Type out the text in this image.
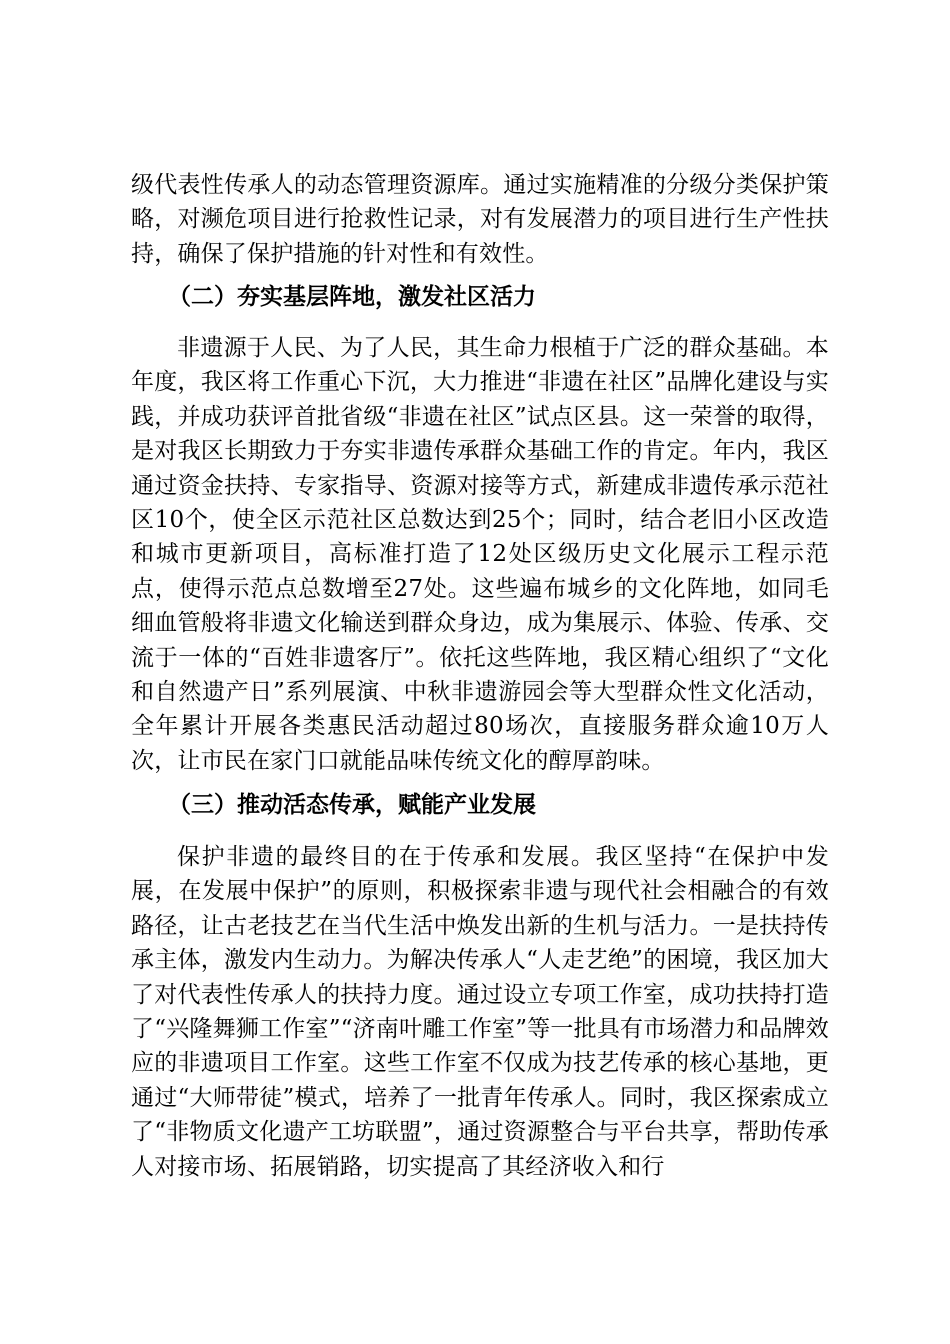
级代表性传承人的动态管理资源库。通过实施精准的分级分类保护策略，对濒危项目进行抢救性记录，对有发展潜力的项目进行生产性扶持，确保了保护措施的针对性和有效性。

（二）夯实基层阵地，激发社区活力

非遗源于人民、为了人民，其生命力根植于广泛的群众基础。本年度，我区将工作重心下沉，大力推进“非遗在社区”品牌化建设与实践，并成功获评首批省级“非遗在社区”试点区县。这一荣誉的取得，是对我区长期致力于夯实非遗传承群众基础工作的肯定。年内，我区通过资金扶持、专家指导、资源对接等方式，新建成非遗传承示范社区10个，使全区示范社区总数达到25个；同时，结合老旧小区改造和城市更新项目，高标准打造了12处区级历史文化展示工程示范点，使得示范点总数增至27处。这些遍布城乡的文化阵地，如同毛细血管般将非遗文化输送到群众身边，成为集展示、体验、传承、交流于一体的“百姓非遗客厅”。依托这些阵地，我区精心组织了“文化和自然遗产日”系列展演、中秋非遗游园会等大型群众性文化活动，全年累计开展各类惠民活动超过80场次，直接服务群众逾10万人次，让市民在家门口就能品味传统文化的醇厚韵味。

（三）推动活态传承，赋能产业发展

保护非遗的最终目的在于传承和发展。我区坚持“在保护中发展，在发展中保护”的原则，积极探索非遗与现代社会相融合的有效路径，让古老技艺在当代生活中焕发出新的生机与活力。一是扶持传承主体，激发内生动力。为解决传承人“人走艺绝”的困境，我区加大了对代表性传承人的扶持力度。通过设立专项工作室，成功扶持打造了“兴隆舞狮工作室”“济南叶雕工作室”等一批具有市场潜力和品牌效应的非遗项目工作室。这些工作室不仅成为技艺传承的核心基地，更通过“大师带徒”模式，培养了一批青年传承人。同时，我区探索成立了“非物质文化遗产工坊联盟”，通过资源整合与平台共享，帮助传承人对接市场、拓展销路，切实提高了其经济收入和行
